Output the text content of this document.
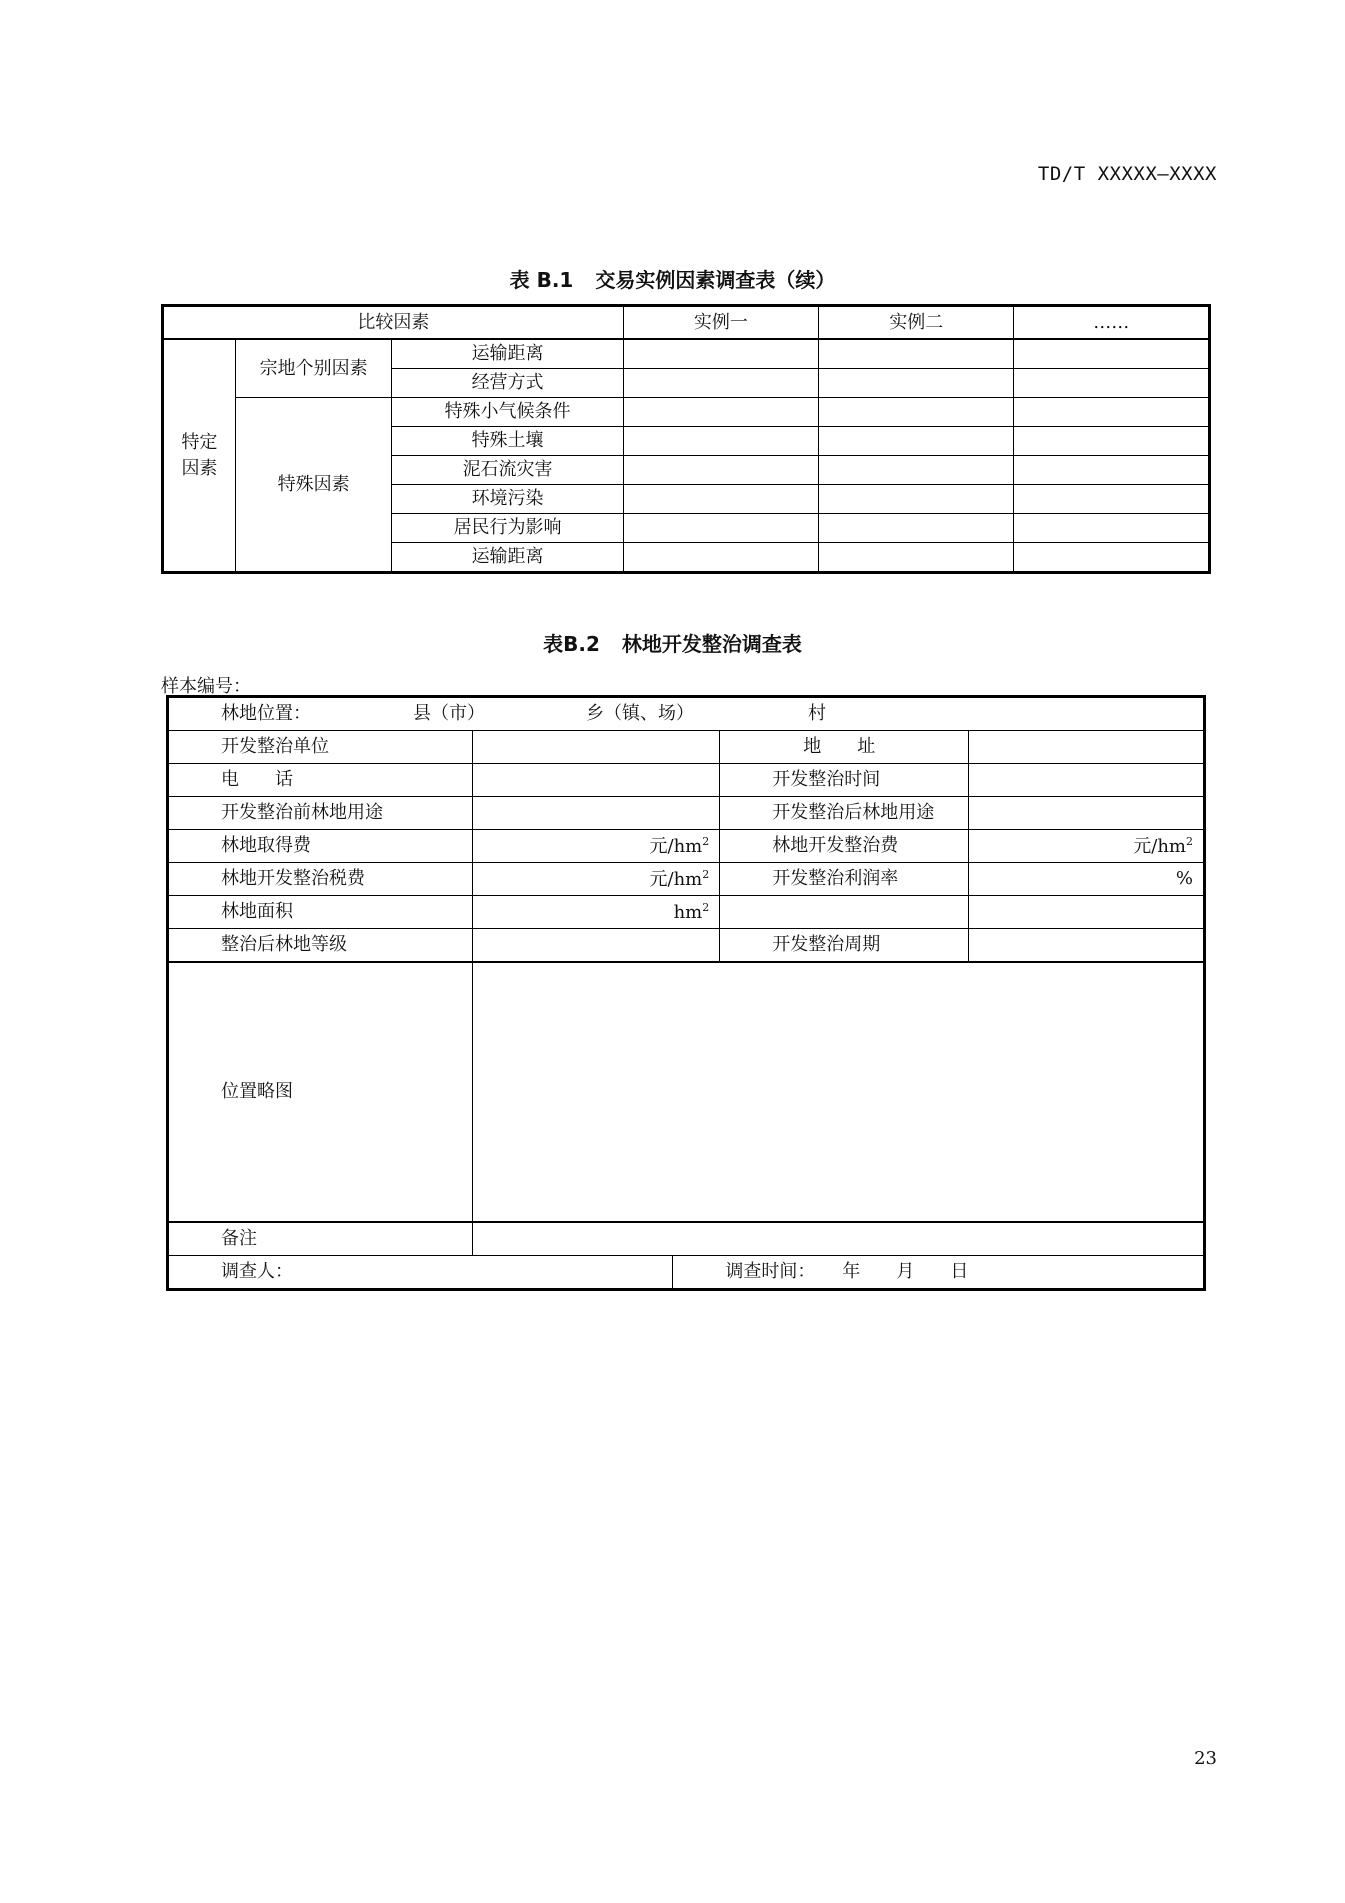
TD/T XXXXX—XXXX
表 B.1 交易实例因素调查表（续）
比较因素			实例一	实例二	……
特定因素	宗地个别因素	运输距离			
		经营方式			
	特殊因素	特殊小气候条件			
		特殊土壤			
		泥石流灾害			
		环境污染			
		居民行为影响			
		运输距离			
表B.2 林地开发整治调查表
样本编号：
林地位置： 县（市） 乡（镇、场） 村				
开发整治单位			地　　址	
电　　话			开发整治时间	
开发整治前林地用途			开发整治后林地用途	
林地取得费	元$/hm^2$		林地开发整治费	元$/hm^2$
林地开发整治税费	元$/hm^2$		开发整治利润率	%
林地面积	$hm^2$		
整治后林地等级			开发整治周期	
位置略图				
备注				
调查人：		调查时间：　　年　　月　　日		
23
